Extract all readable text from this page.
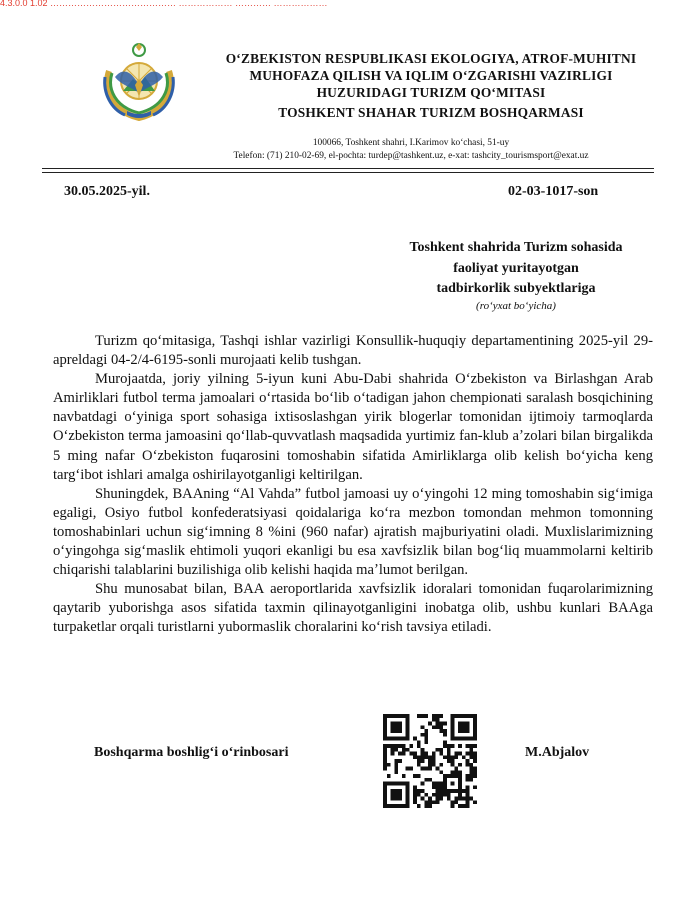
4.3.0.0 1.02 …………………………………… ……………… ………… ………………
OʻZBEKISTON RESPUBLIKASI EKOLOGIYA, ATROF-MUHITNI
MUHOFAZA QILISH VA IQLIM OʻZGARISHI VAZIRLIGI
HUZURIDAGI TURIZM QOʻMITASI
TOSHKENT SHAHAR TURIZM BOSHQARMASI
100066, Toshkent shahri, I.Karimov koʻchasi, 51-uy
Telefon: (71) 210-02-69, el-pochta: turdep@tashkent.uz, e-xat: tashcity_tourismsport@exat.uz
30.05.2025-yil.	02-03-1017-son
Toshkent shahrida Turizm sohasida
faoliyat yuritayotgan
tadbirkorlik subyektlariga
(roʻyxat boʻyicha)

Turizm qoʻmitasiga, Tashqi ishlar vazirligi Konsullik-huquqiy departamentining 2025-yil 29-apreldagi 04-2/4-6195-sonli murojaati kelib tushgan.

Murojaatda, joriy yilning 5-iyun kuni Abu-Dabi shahrida Oʻzbekiston va Birlashgan Arab Amirliklari futbol terma jamoalari oʻrtasida boʻlib oʻtadigan jahon chempionati saralash bosqichining navbatdagi oʻyiniga sport sohasiga ixtisoslashgan yirik blogerlar tomonidan ijtimoiy tarmoqlarda Oʻzbekiston terma jamoasini qoʻllab-quvvatlash maqsadida yurtimiz fan-klub aʼzolari bilan birgalikda 5 ming nafar Oʻzbekiston fuqarosini tomoshabin sifatida Amirliklarga olib kelish boʻyicha keng targʻibot ishlari amalga oshirilayotganligi keltirilgan.

Shuningdek, BAAning “Al Vahda” futbol jamoasi uy oʻyingohi 12 ming tomoshabin sigʻimiga egaligi, Osiyo futbol konfederatsiyasi qoidalariga koʻra mezbon tomondan mehmon tomonning tomoshabinlari uchun sigʻimning 8 %ini (960 nafar) ajratish majburiyatini oladi. Muxlislarimizning oʻyingohga sigʻmaslik ehtimoli yuqori ekanligi bu esa xavfsizlik bilan bogʻliq muammolarni keltirib chiqarishi talablarini buzilishiga olib kelishi haqida maʼlumot berilgan.

Shu munosabat bilan, BAA aeroportlarida xavfsizlik idoralari tomonidan fuqarolarimizning qaytarib yuborishga asos sifatida taxmin qilinayotganligini inobatga olib, ushbu kunlari BAAga turpaketlar orqali turistlarni yubormaslik choralarini koʻrish tavsiya etiladi.

Boshqarma boshligʻi oʻrinbosari	M.Abjalov
